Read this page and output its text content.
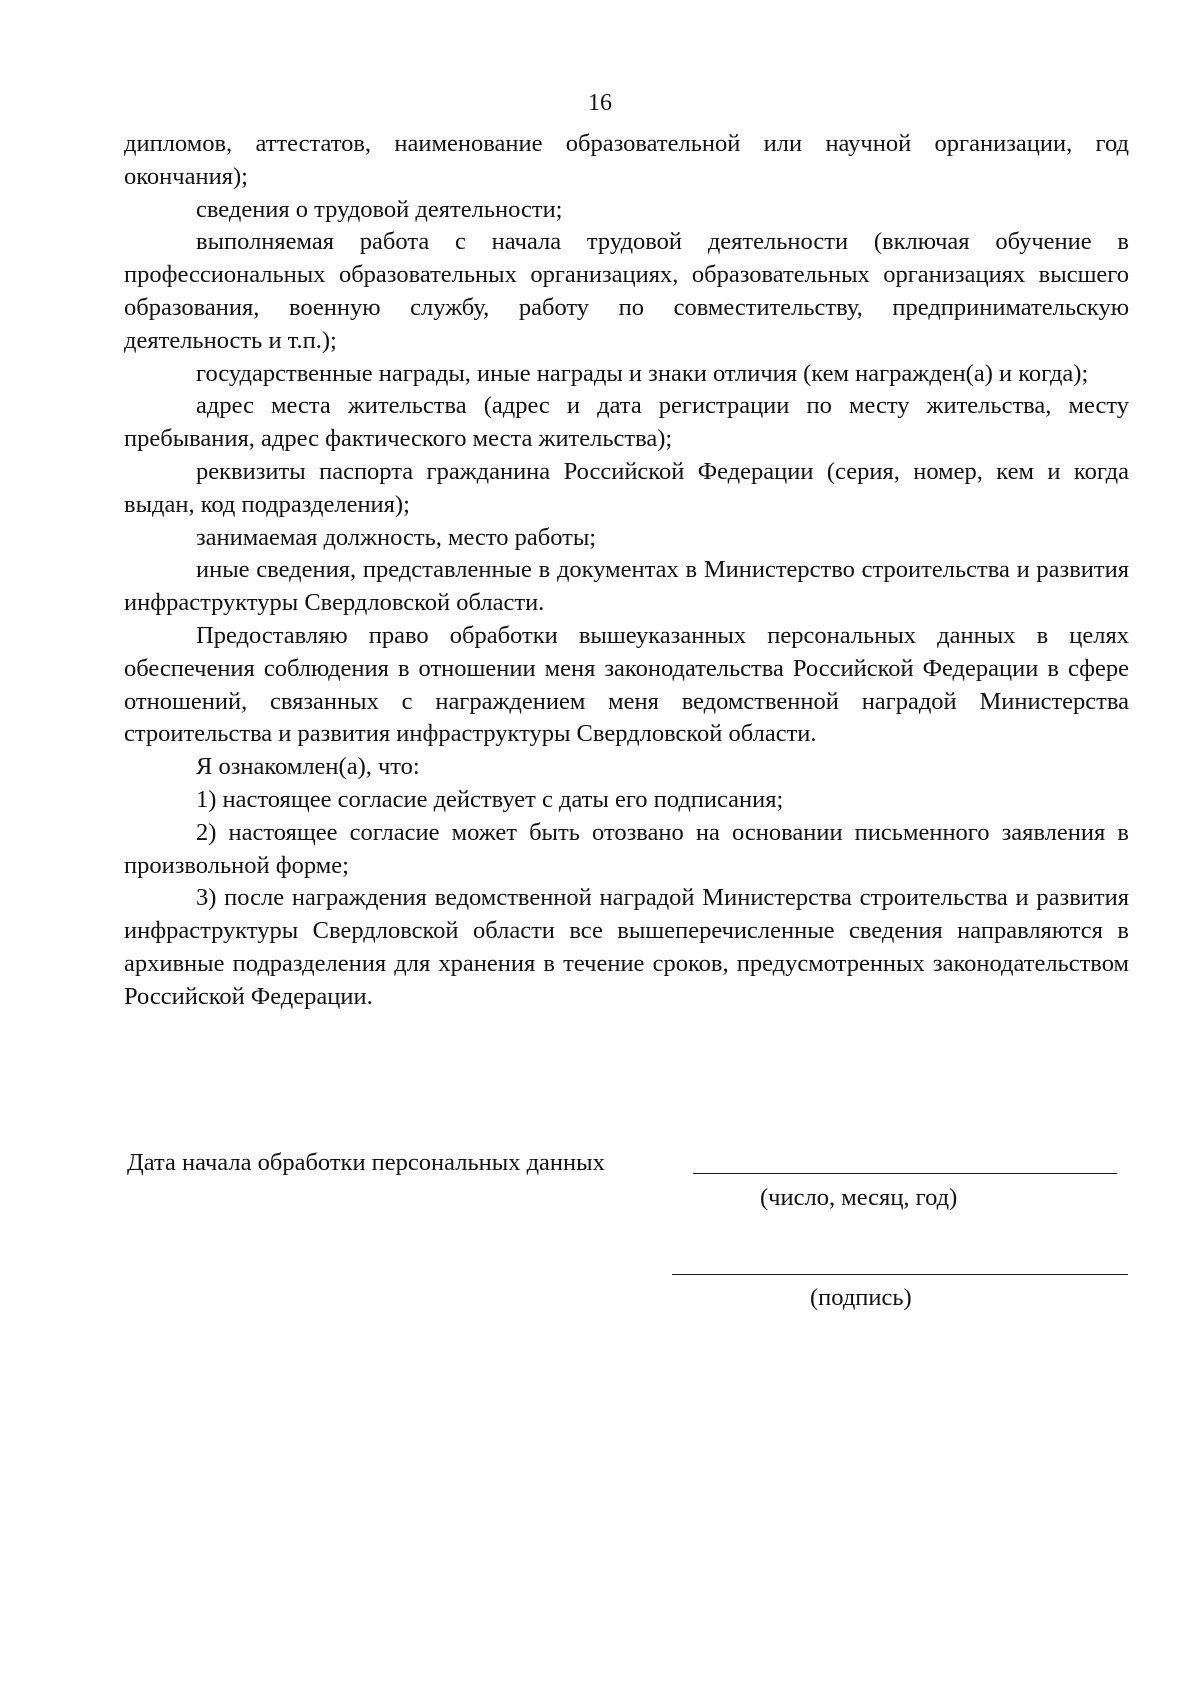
16

дипломов, аттестатов, наименование образовательной или научной организации, год окончания);

сведения о трудовой деятельности;

выполняемая работа с начала трудовой деятельности (включая обучение в профессиональных образовательных организациях, образовательных организациях высшего образования, военную службу, работу по совместительству, предпринимательскую деятельность и т.п.);

государственные награды, иные награды и знаки отличия (кем награжден(а) и когда);

адрес места жительства (адрес и дата регистрации по месту жительства, месту пребывания, адрес фактического места жительства);

реквизиты паспорта гражданина Российской Федерации (серия, номер, кем и когда выдан, код подразделения);

занимаемая должность, место работы;

иные сведения, представленные в документах в Министерство строительства и развития инфраструктуры Свердловской области.

Предоставляю право обработки вышеуказанных персональных данных в целях обеспечения соблюдения в отношении меня законодательства Российской Федерации в сфере отношений, связанных с награждением меня ведомственной наградой Министерства строительства и развития инфраструктуры Свердловской области.

Я ознакомлен(а), что:

1) настоящее согласие действует с даты его подписания;

2) настоящее согласие может быть отозвано на основании письменного заявления в произвольной форме;

3) после награждения ведомственной наградой Министерства строительства и развития инфраструктуры Свердловской области все вышеперечисленные сведения направляются в архивные подразделения для хранения в течение сроков, предусмотренных законодательством Российской Федерации.

Дата начала обработки персональных данных
(число, месяц, год)
(подпись)
